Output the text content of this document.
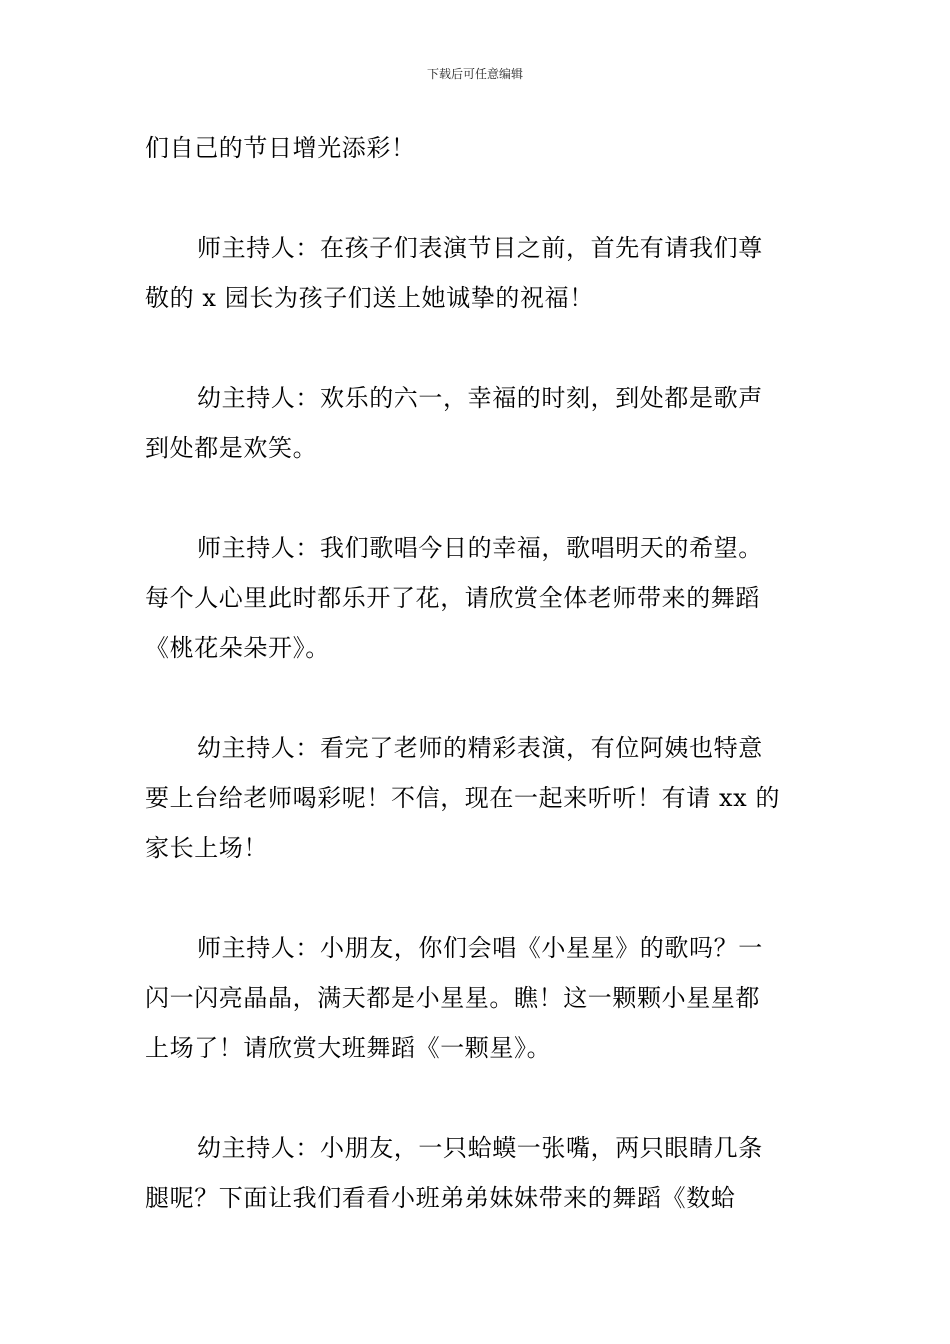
下载后可任意编辑
们自己的节日增光添彩！
师主持人：在孩子们表演节目之前，首先有请我们尊
敬的 x 园长为孩子们送上她诚挚的祝福！
幼主持人：欢乐的六一，幸福的时刻，到处都是歌声
到处都是欢笑。
师主持人：我们歌唱今日的幸福，歌唱明天的希望。
每个人心里此时都乐开了花，请欣赏全体老师带来的舞蹈
《桃花朵朵开》。
幼主持人：看完了老师的精彩表演，有位阿姨也特意
要上台给老师喝彩呢！不信，现在一起来听听！有请 xx 的
家长上场！
师主持人：小朋友，你们会唱《小星星》的歌吗？一
闪一闪亮晶晶，满天都是小星星。瞧！这一颗颗小星星都
上场了！请欣赏大班舞蹈《一颗星》。
幼主持人：小朋友，一只蛤蟆一张嘴，两只眼睛几条
腿呢？下面让我们看看小班弟弟妹妹带来的舞蹈《数蛤
